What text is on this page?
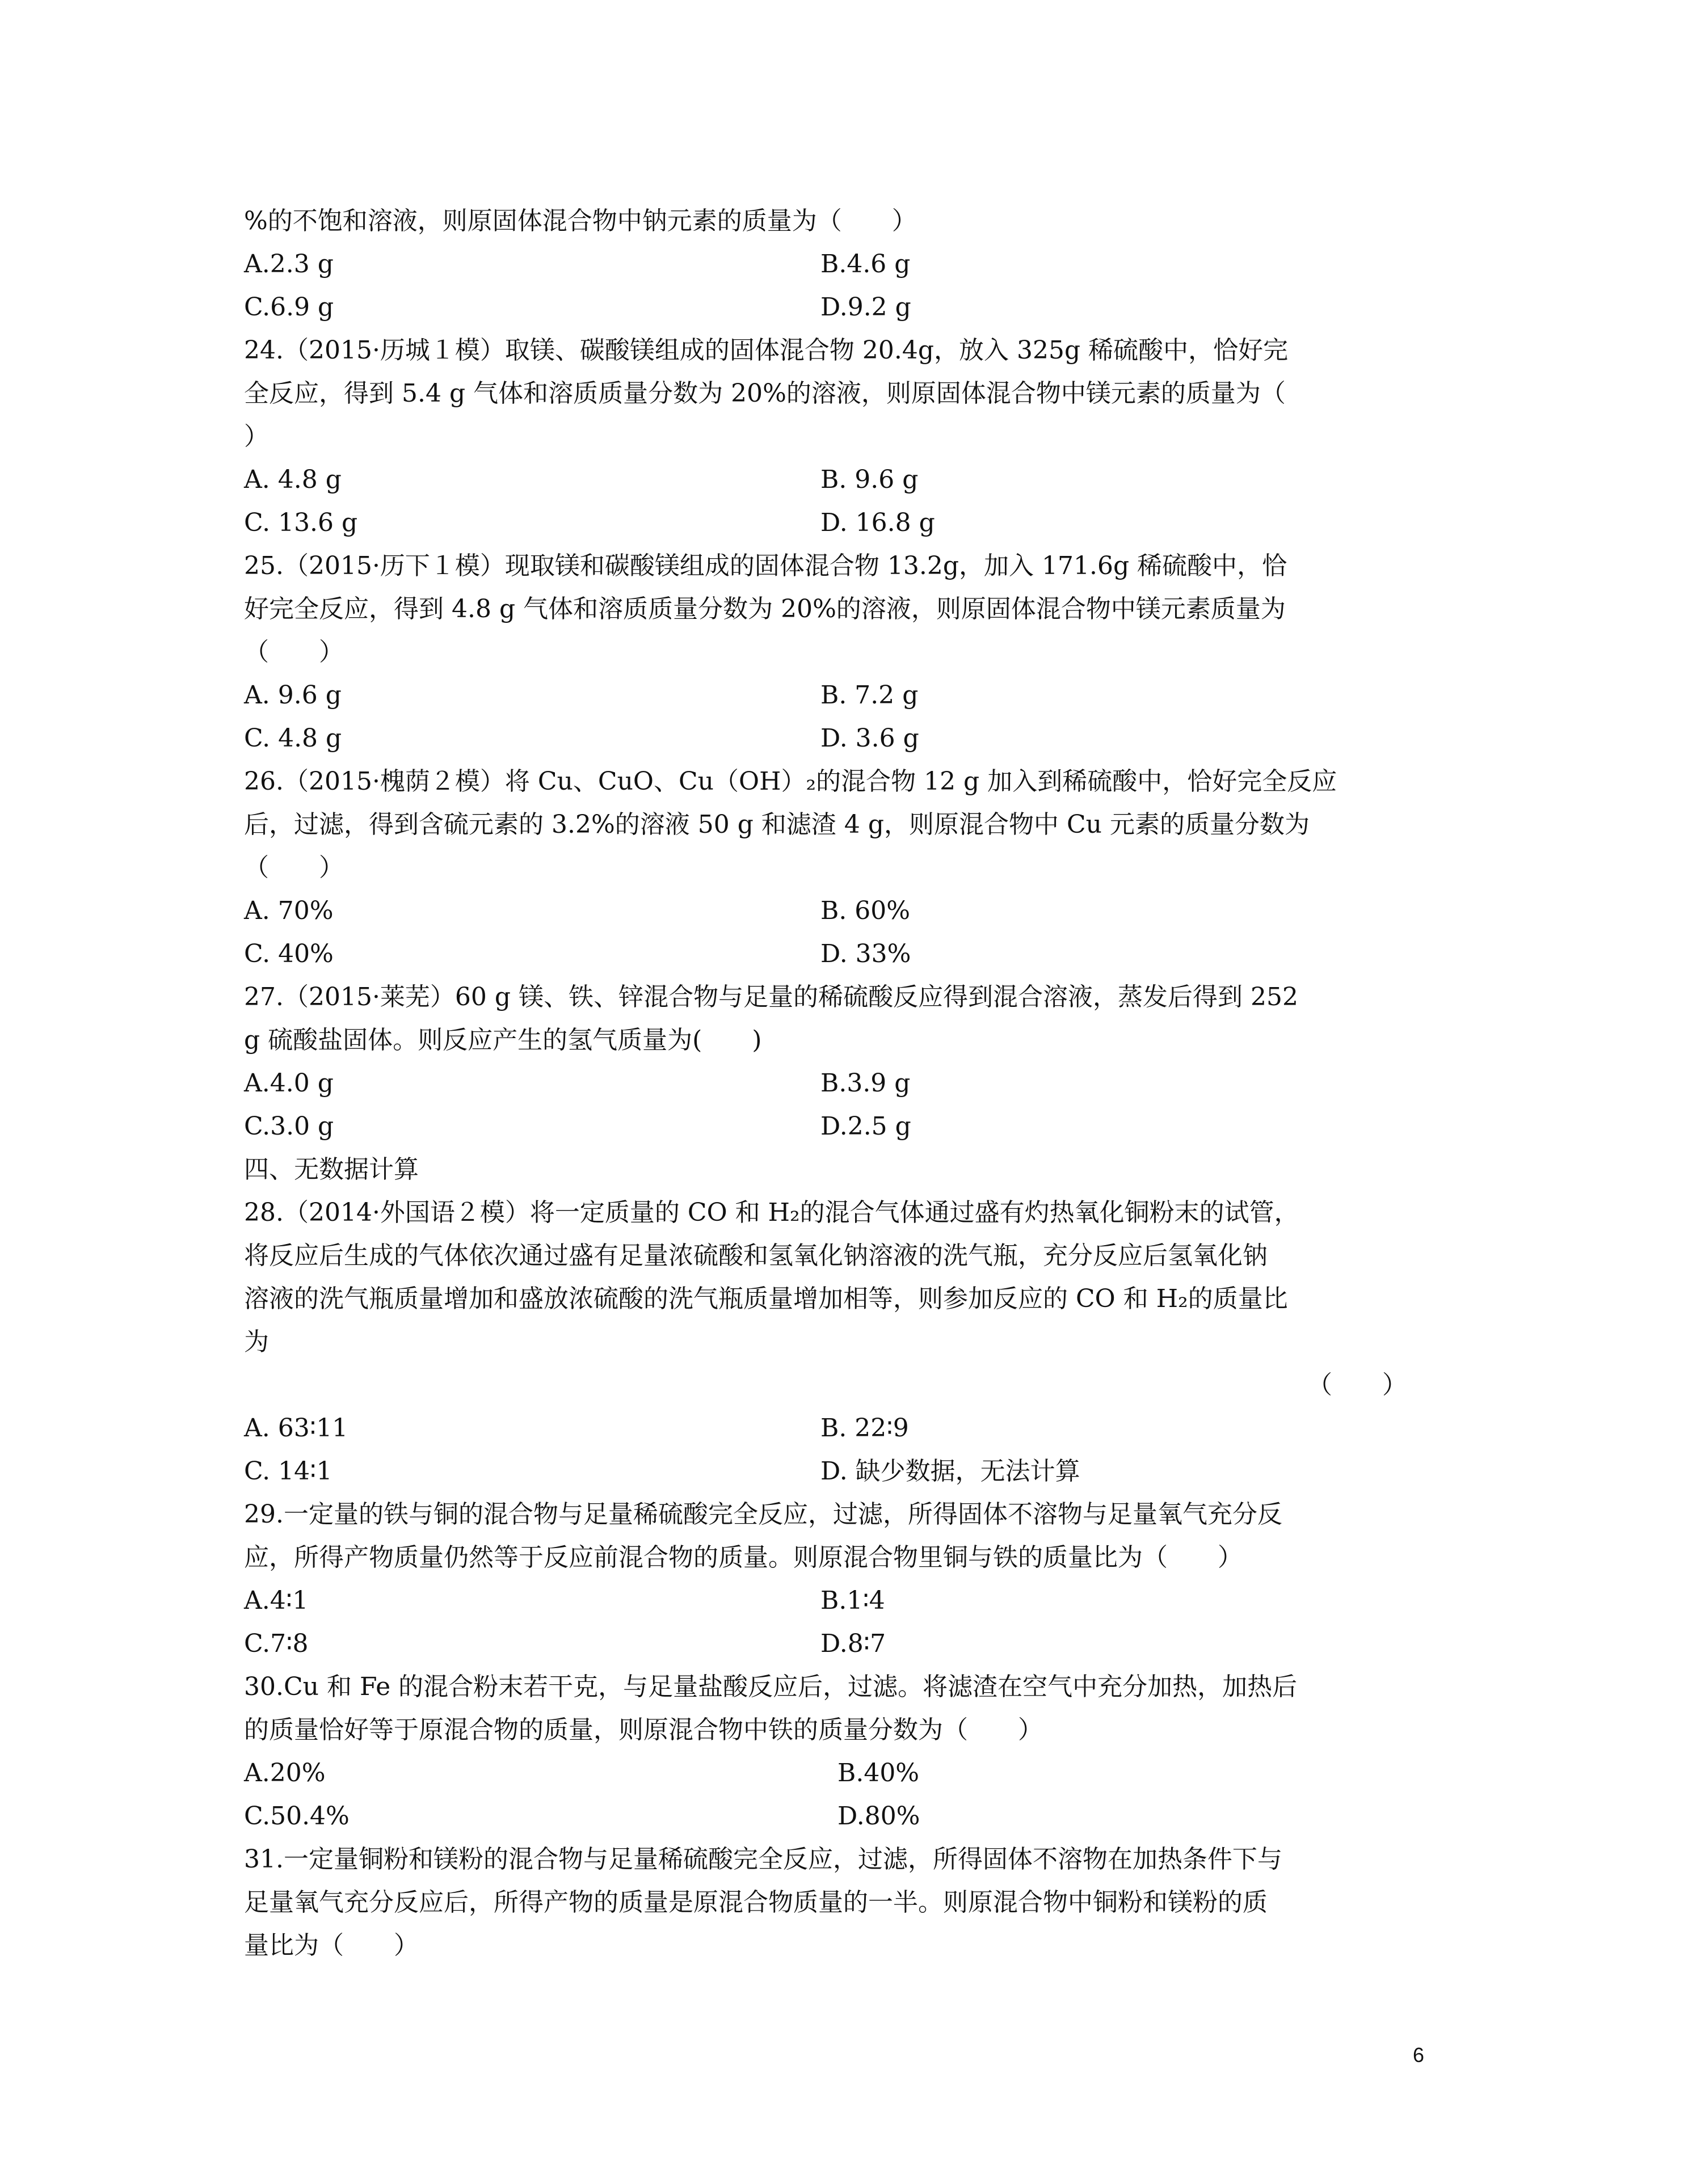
%的不饱和溶液，则原固体混合物中钠元素的质量为（　　）
A.2.3 g	B.4.6 g
C.6.9 g	D.9.2 g
24.（2015·历城１模）取镁、碳酸镁组成的固体混合物 20.4g，放入 325g 稀硫酸中，恰好完
全反应，得到 5.4 g 气体和溶质质量分数为 20%的溶液，则原固体混合物中镁元素的质量为（
）
A. 4.8 g	B. 9.6 g
C. 13.6 g	D. 16.8 g
25.（2015·历下１模）现取镁和碳酸镁组成的固体混合物 13.2g，加入 171.6g 稀硫酸中，恰
好完全反应，得到 4.8 g 气体和溶质质量分数为 20%的溶液，则原固体混合物中镁元素质量为
（　　）
A. 9.6 g	B. 7.2 g
C. 4.8 g	D. 3.6 g
26.（2015·槐荫２模）将 Cu、CuO、Cu（OH）₂的混合物 12 g 加入到稀硫酸中，恰好完全反应
后，过滤，得到含硫元素的 3.2%的溶液 50 g 和滤渣 4 g，则原混合物中 Cu 元素的质量分数为
（　　）
A. 70%	B. 60%
C. 40%	D. 33%
27.（2015·莱芜）60 g 镁、铁、锌混合物与足量的稀硫酸反应得到混合溶液，蒸发后得到 252
g 硫酸盐固体。则反应产生的氢气质量为(　　)
A.4.0 g	B.3.9 g
C.3.0 g	D.2.5 g
四、无数据计算
28.（2014·外国语２模）将一定质量的 CO 和 H₂的混合气体通过盛有灼热氧化铜粉末的试管，
将反应后生成的气体依次通过盛有足量浓硫酸和氢氧化钠溶液的洗气瓶，充分反应后氢氧化钠
溶液的洗气瓶质量增加和盛放浓硫酸的洗气瓶质量增加相等，则参加反应的 CO 和 H₂的质量比
为
（　　）
A. 63∶11	B. 22∶9
C. 14∶1	D. 缺少数据，无法计算
29.一定量的铁与铜的混合物与足量稀硫酸完全反应，过滤，所得固体不溶物与足量氧气充分反
应，所得产物质量仍然等于反应前混合物的质量。则原混合物里铜与铁的质量比为（　　）
A.4∶1	B.1∶4
C.7∶8	D.8∶7
30.Cu 和 Fe 的混合粉末若干克，与足量盐酸反应后，过滤。将滤渣在空气中充分加热，加热后
的质量恰好等于原混合物的质量，则原混合物中铁的质量分数为（　　）
A.20%	B.40%
C.50.4%	D.80%
31.一定量铜粉和镁粉的混合物与足量稀硫酸完全反应，过滤，所得固体不溶物在加热条件下与
足量氧气充分反应后，所得产物的质量是原混合物质量的一半。则原混合物中铜粉和镁粉的质
量比为（　　）
6
